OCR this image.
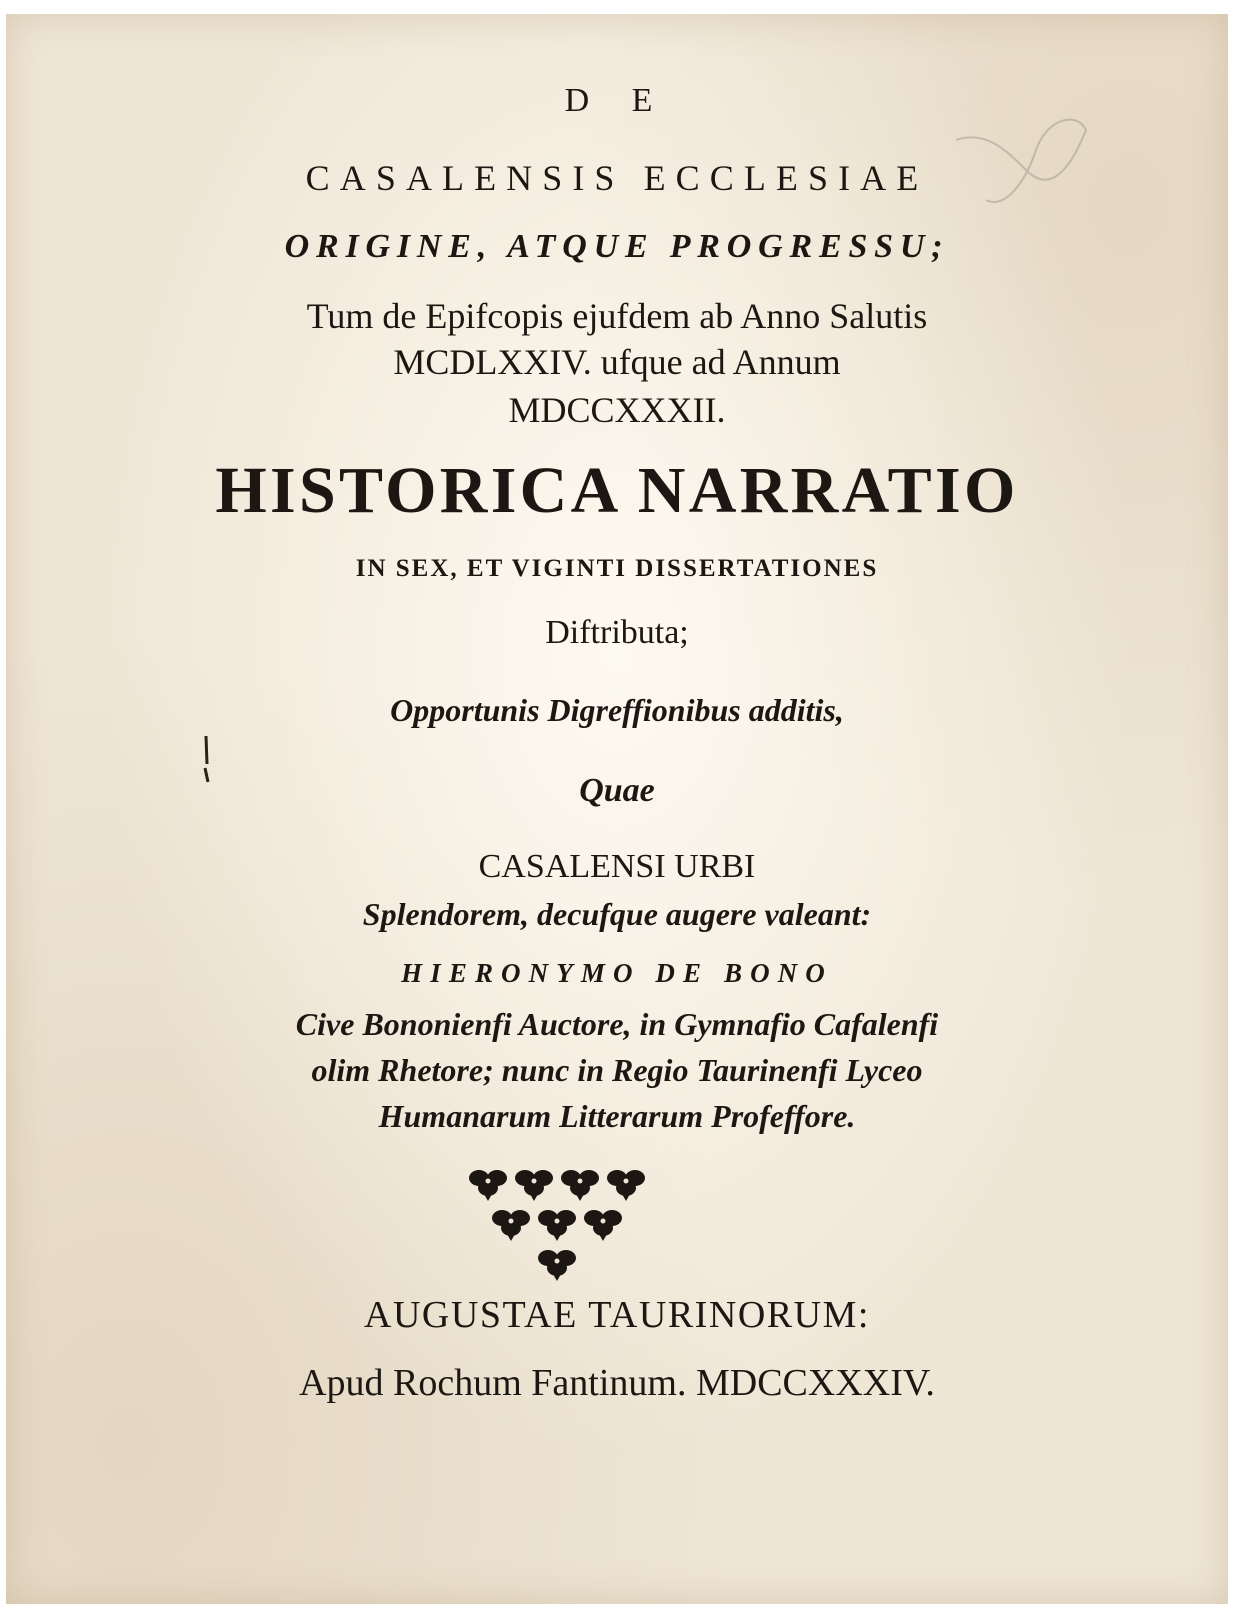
D E
CASALENSIS ECCLESIAE
ORIGINE, ATQUE PROGRESSU;
Tum de Epifcopis ejufdem ab Anno Salutis
MCDLXXIV. ufque ad Annum
MDCCXXXII.
HISTORICA NARRATIO
IN SEX, ET VIGINTI DISSERTATIONES
Diftributa;
Opportunis Digreffionibus additis,
Quae
CASALENSI URBI
Splendorem, decufque augere valeant:
HIERONYMO DE BONO
Cive Bononienfi Auctore, in Gymnafio Cafalenfi
olim Rhetore; nunc in Regio Taurinenfi Lyceo
Humanarum Litterarum Profeffore.
AUGUSTAE TAURINORUM:
Apud Rochum Fantinum. MDCCXXXIV.
